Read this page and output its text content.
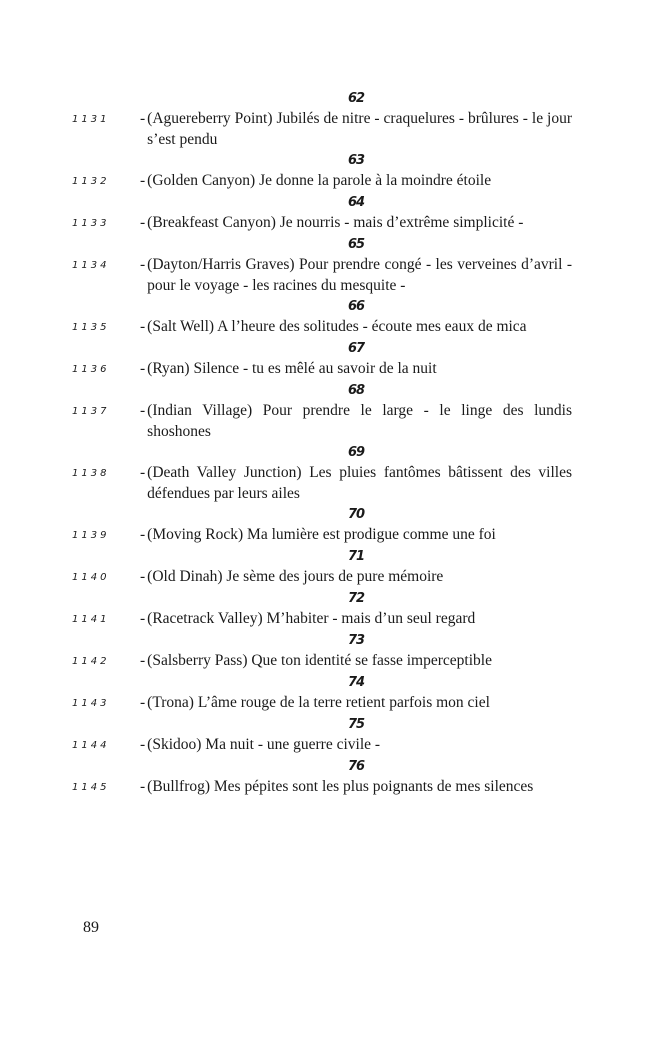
62
1131	- (Aguereberry Point) Jubilés de nitre - craquelures - brûlures - le jour s’est pendu
63
1132	- (Golden Canyon) Je donne la parole à la moindre étoile
64
1133	- (Breakfeast Canyon) Je nourris - mais d’extrême simplicité -
65
1134	- (Dayton/Harris Graves) Pour prendre congé - les verveines d’avril - pour le voyage - les racines du mesquite -
66
1135	- (Salt Well) A l’heure des solitudes - écoute mes eaux de mica
67
1136	- (Ryan) Silence - tu es mêlé au savoir de la nuit
68
1137	- (Indian Village) Pour prendre le large - le linge des lundis shoshones
69
1138	- (Death Valley Junction) Les pluies fantômes bâtissent des villes défendues par leurs ailes
70
1139	- (Moving Rock) Ma lumière est prodigue comme une foi
71
1140	- (Old Dinah) Je sème des jours de pure mémoire
72
1141	- (Racetrack Valley) M’habiter - mais d’un seul regard
73
1142	- (Salsberry Pass) Que ton identité se fasse imperceptible
74
1143	- (Trona) L’âme rouge de la terre retient parfois mon ciel
75
1144	- (Skidoo) Ma nuit - une guerre civile -
76
1145	- (Bullfrog) Mes pépites sont les plus poignants de mes silences
89
